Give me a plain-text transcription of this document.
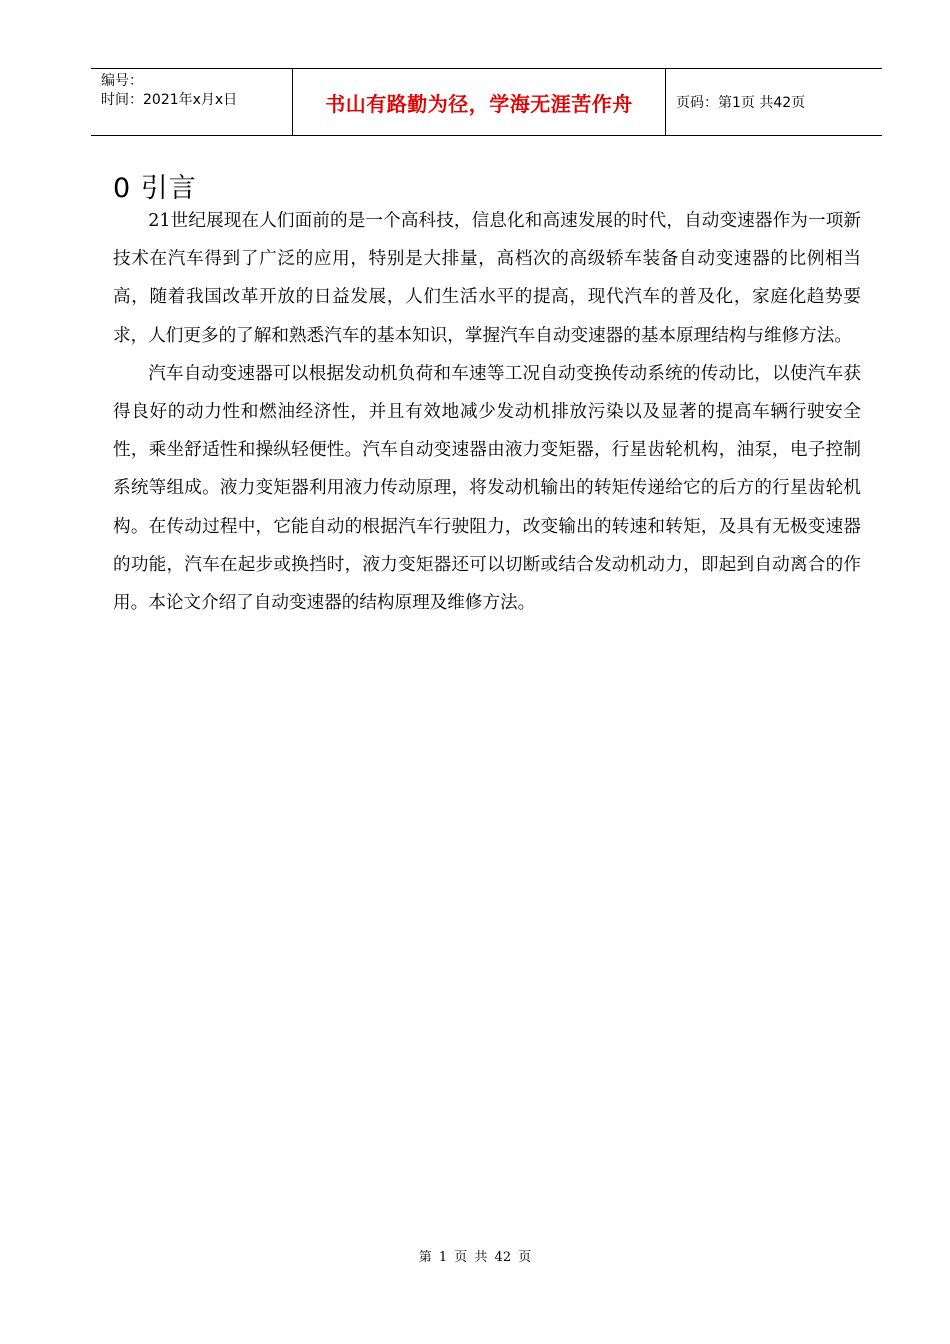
编号：
时间：2021年x月x日	书山有路勤为径，学海无涯苦作舟	页码：第1页 共42页
0 引言

21世纪展现在人们面前的是一个高科技，信息化和高速发展的时代，自动变速器作为一项新技术在汽车得到了广泛的应用，特别是大排量，高档次的高级轿车装备自动变速器的比例相当高，随着我国改革开放的日益发展，人们生活水平的提高，现代汽车的普及化，家庭化趋势要求，人们更多的了解和熟悉汽车的基本知识，掌握汽车自动变速器的基本原理结构与维修方法。

汽车自动变速器可以根据发动机负荷和车速等工况自动变换传动系统的传动比，以使汽车获得良好的动力性和燃油经济性，并且有效地减少发动机排放污染以及显著的提高车辆行驶安全性，乘坐舒适性和操纵轻便性。汽车自动变速器由液力变矩器，行星齿轮机构，油泵，电子控制系统等组成。液力变矩器利用液力传动原理，将发动机输出的转矩传递给它的后方的行星齿轮机构。在传动过程中，它能自动的根据汽车行驶阻力，改变输出的转速和转矩，及具有无极变速器的功能，汽车在起步或换挡时，液力变矩器还可以切断或结合发动机动力，即起到自动离合的作用。本论文介绍了自动变速器的结构原理及维修方法。

第 1 页 共 42 页
